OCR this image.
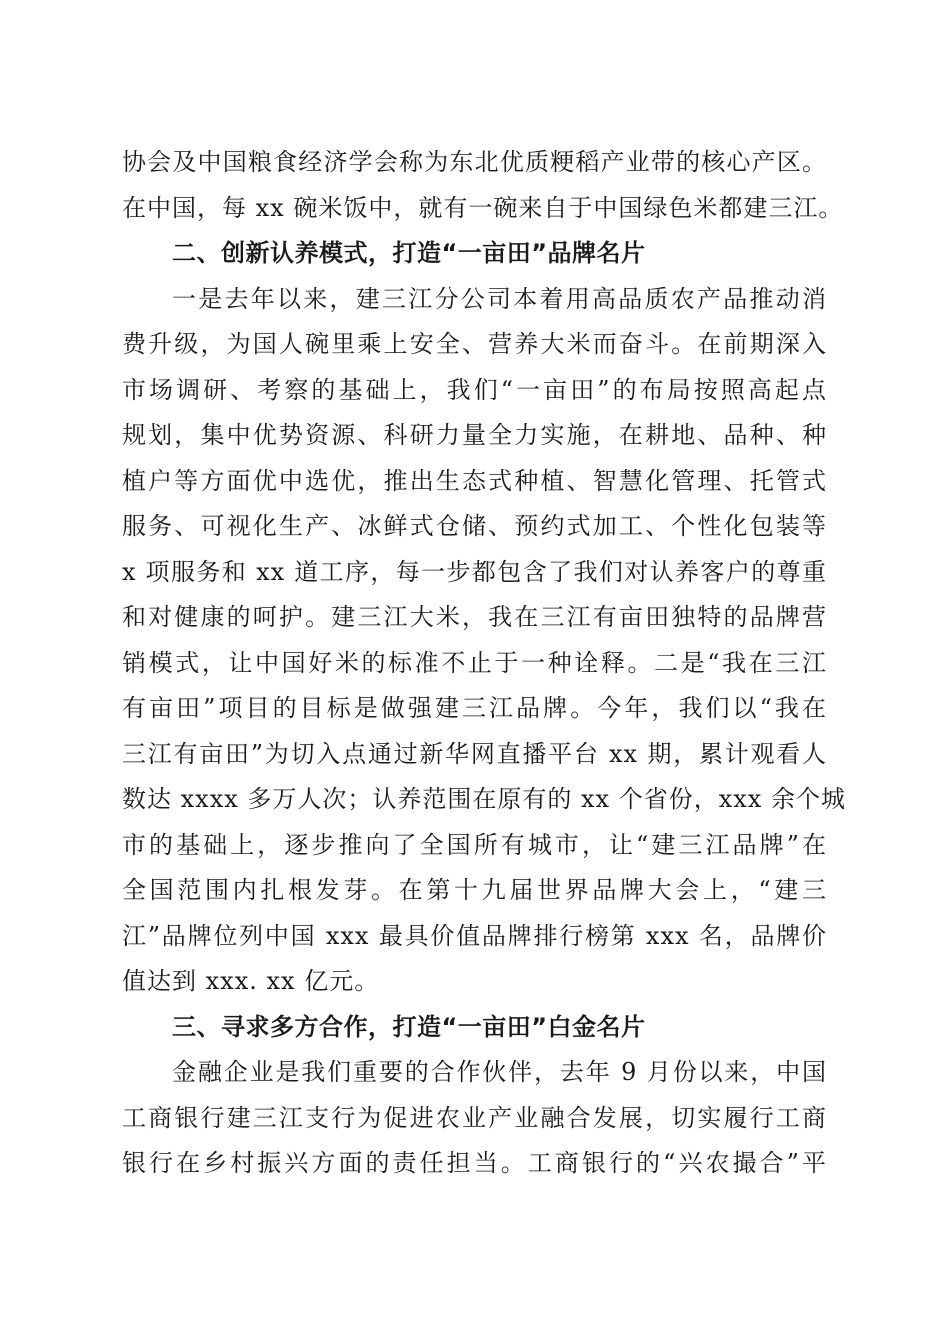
协会及中国粮食经济学会称为东北优质粳稻产业带的核心产区。
在中国，每 xx 碗米饭中，就有一碗来自于中国绿色米都建三江。
二、创新认养模式，打造“一亩田”品牌名片
一是去年以来，建三江分公司本着用高品质农产品推动消
费升级，为国人碗里乘上安全、营养大米而奋斗。在前期深入
市场调研、考察的基础上，我们“一亩田”的布局按照高起点
规划，集中优势资源、科研力量全力实施，在耕地、品种、种
植户等方面优中选优，推出生态式种植、智慧化管理、托管式
服务、可视化生产、冰鲜式仓储、预约式加工、个性化包装等
x 项服务和 xx 道工序，每一步都包含了我们对认养客户的尊重
和对健康的呵护。建三江大米，我在三江有亩田独特的品牌营
销模式，让中国好米的标准不止于一种诠释。二是“我在三江
有亩田”项目的目标是做强建三江品牌。今年，我们以“我在
三江有亩田”为切入点通过新华网直播平台 xx 期，累计观看人
数达 xxxx 多万人次；认养范围在原有的 xx 个省份，xxx 余个城
市的基础上，逐步推向了全国所有城市，让“建三江品牌”在
全国范围内扎根发芽。在第十九届世界品牌大会上，“建三
江”品牌位列中国 xxx 最具价值品牌排行榜第 xxx 名，品牌价
值达到 xxx. xx 亿元。
三、寻求多方合作，打造“一亩田”白金名片
金融企业是我们重要的合作伙伴，去年 9 月份以来，中国
工商银行建三江支行为促进农业产业融合发展，切实履行工商
银行在乡村振兴方面的责任担当。工商银行的“兴农撮合”平
